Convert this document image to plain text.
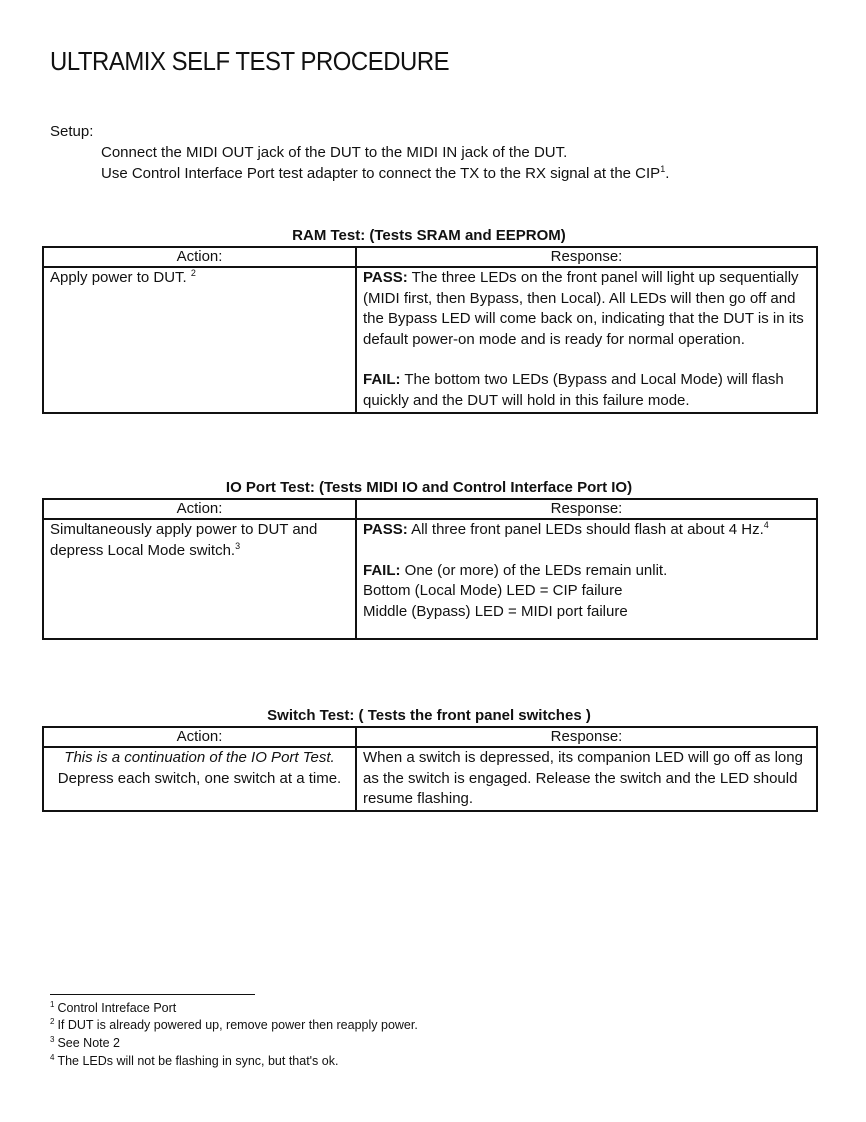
ULTRAMIX SELF TEST PROCEDURE
Setup:
Connect the MIDI OUT jack of the DUT to the MIDI IN jack of the DUT.
Use Control Interface Port test adapter to connect the TX to the RX signal at the CIP$^1$.
RAM Test: (Tests SRAM and EEPROM)
Action:	Response:
Apply power to DUT. $^2$	PASS: The three LEDs on the front panel will light up sequentially (MIDI first, then Bypass, then Local). All LEDs will then go off and the Bypass LED will come back on, indicating that the DUT is in its default power-on mode and is ready for normal operation.
FAIL: The bottom two LEDs (Bypass and Local Mode) will flash quickly and the DUT will hold in this failure mode.
IO Port Test: (Tests MIDI IO and Control Interface Port IO)
Action:	Response:
Simultaneously apply power to DUT and depress Local Mode switch.$^3$	PASS: All three front panel LEDs should flash at about 4 Hz.$^4$
FAIL: One (or more) of the LEDs remain unlit.
Bottom (Local Mode) LED = CIP failure
Middle (Bypass) LED = MIDI port failure
Switch Test: ( Tests the front panel switches )
Action:	Response:

This is a continuation of the IO Port Test.
Depress each switch, one switch at a time.	When a switch is depressed, its companion LED will go off as long as the switch is engaged. Release the switch and the LED should resume flashing.
$^1$ Control Intreface Port
$^2$ If DUT is already powered up, remove power then reapply power.
$^3$ See Note 2
$^4$ The LEDs will not be flashing in sync, but that's ok.
